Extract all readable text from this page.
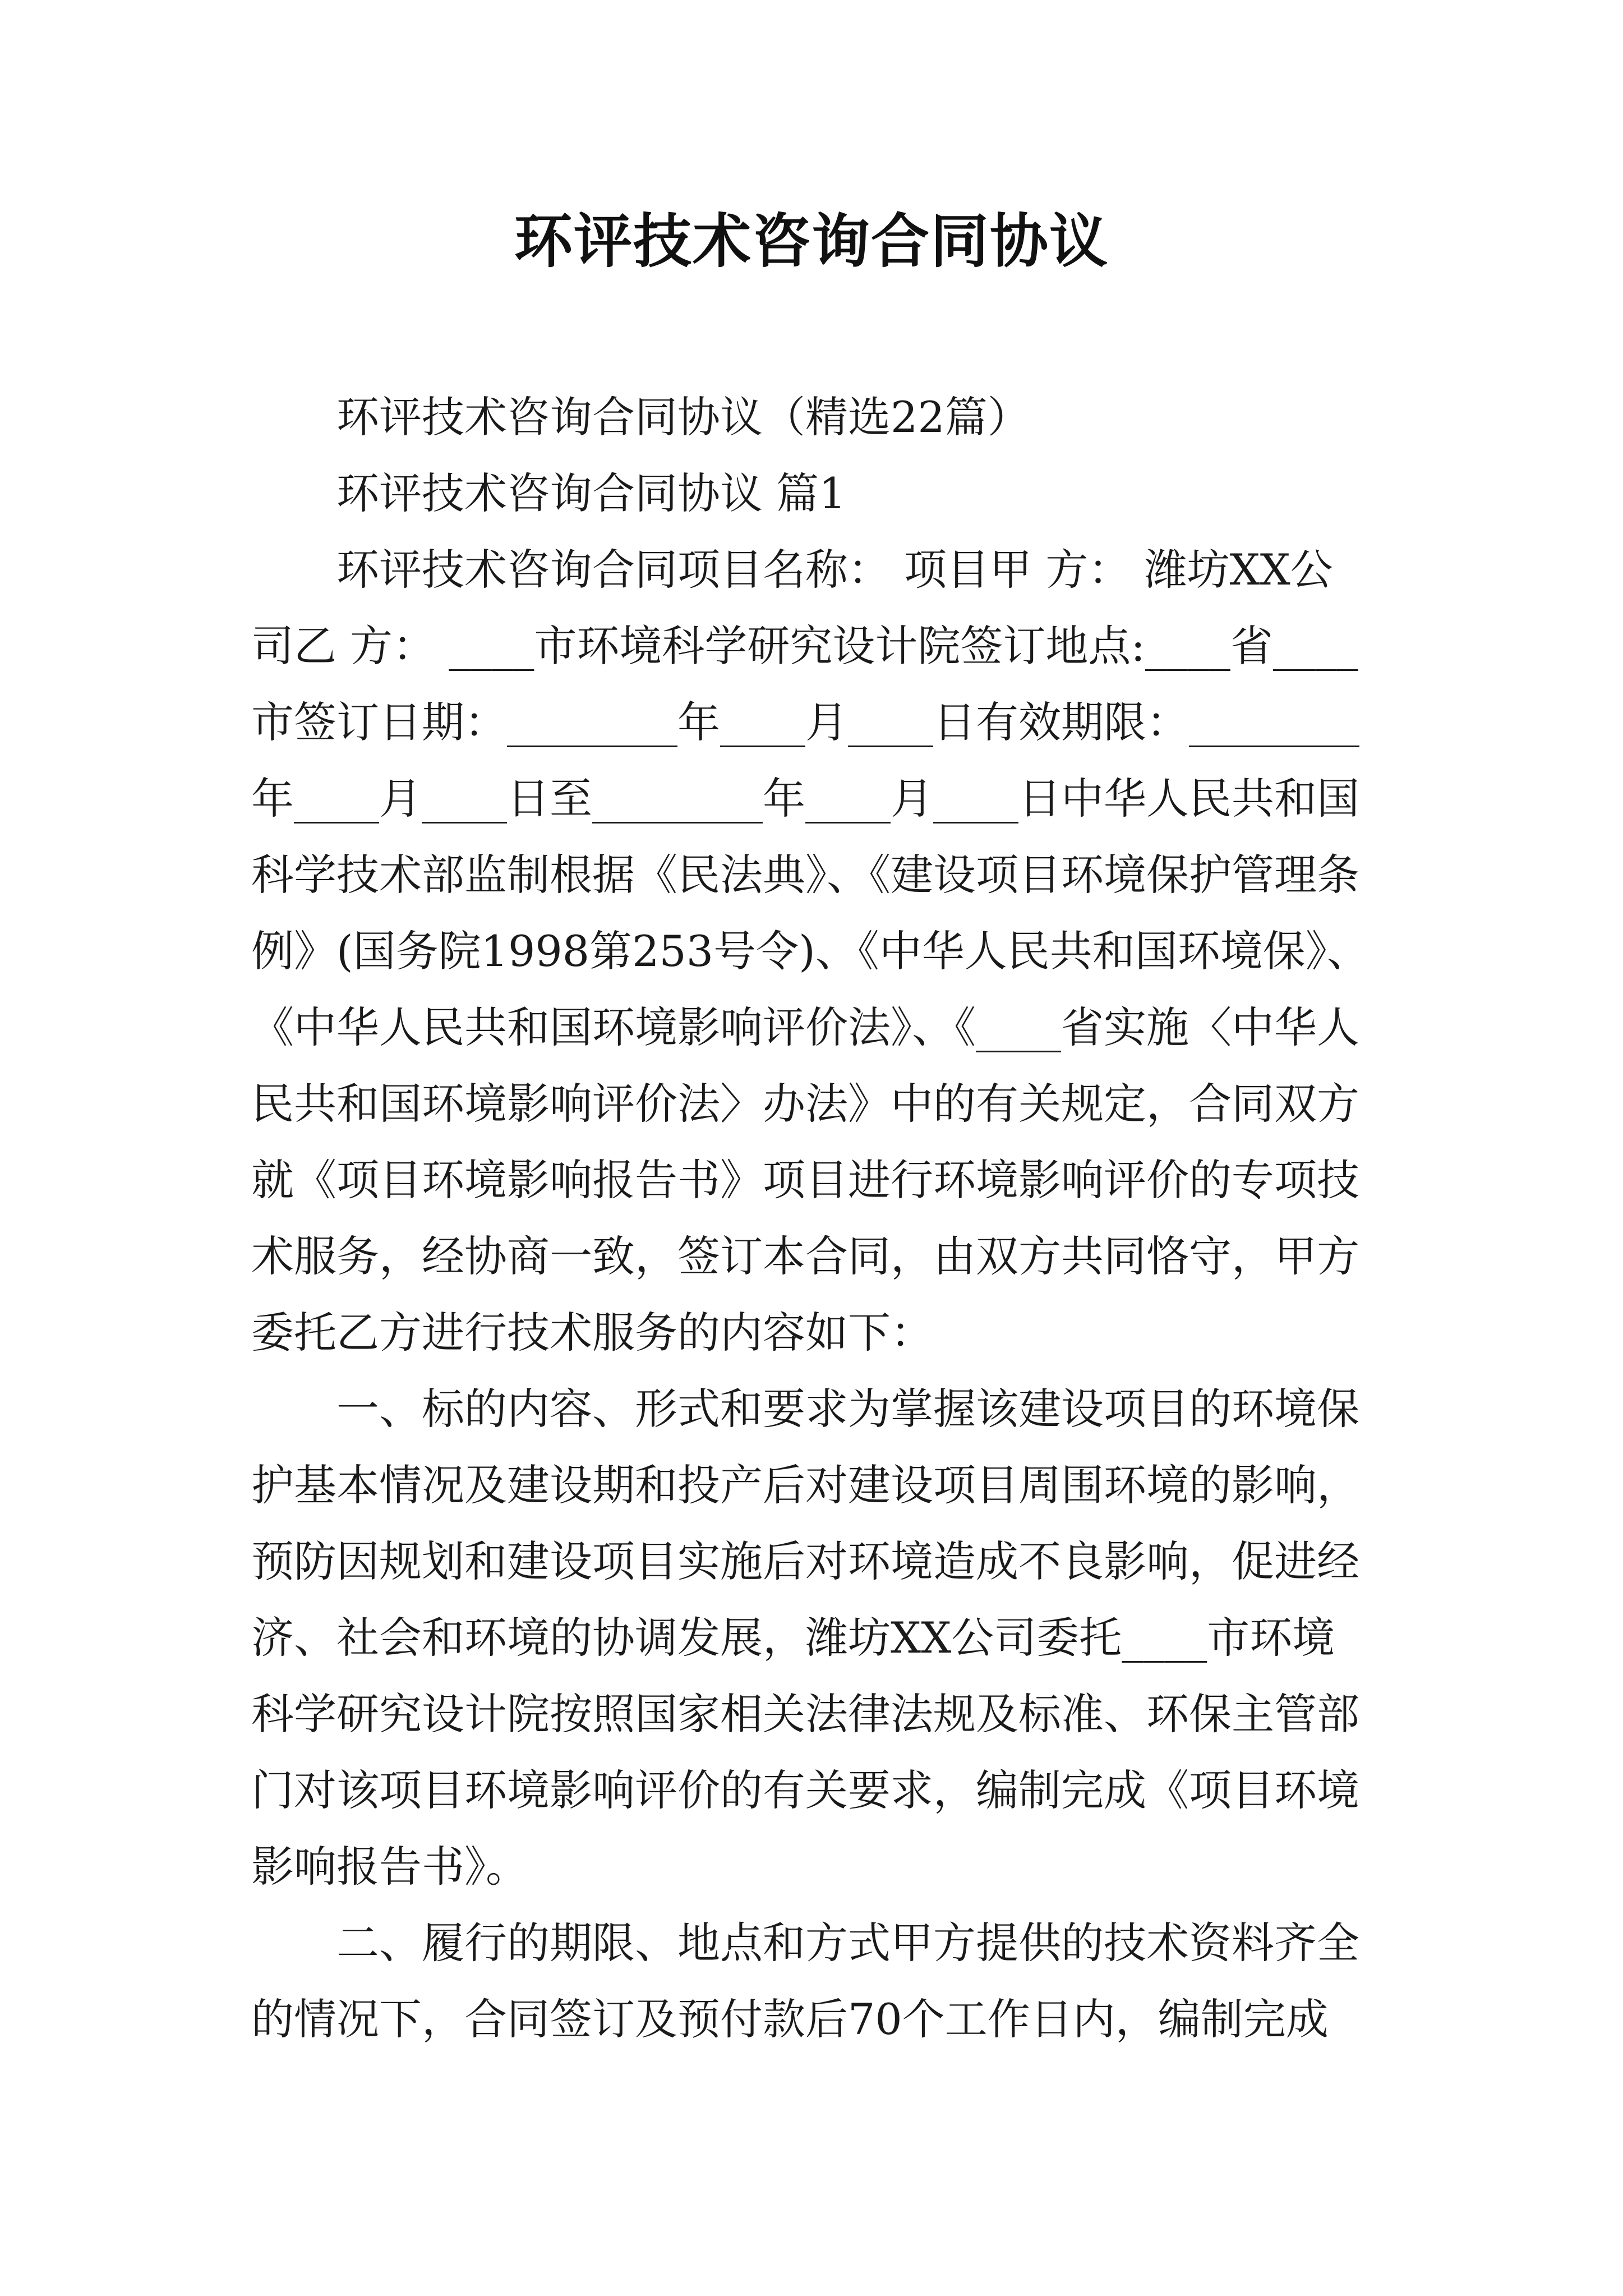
环评技术咨询合同协议
　　环评技术咨询合同协议（精选22篇）
　　环评技术咨询合同协议 篇1
　　环评技术咨询合同项目名称： 项目甲 方： 潍坊XX公
司乙 方： ____市环境科学研究设计院签订地点:____省____
市签订日期：________年____月____日有效期限：________
年____月____日至________年____月____日中华人民共和国
科学技术部监制根据《民法典》、《建设项目环境保护管理条
例》(国务院1998第253号令)、《中华人民共和国环境保》、
《中华人民共和国环境影响评价法》、《____省实施〈中华人
民共和国环境影响评价法〉办法》中的有关规定，合同双方
就《项目环境影响报告书》项目进行环境影响评价的专项技
术服务，经协商一致，签订本合同，由双方共同恪守，甲方
委托乙方进行技术服务的内容如下：
　　一、标的内容、形式和要求为掌握该建设项目的环境保
护基本情况及建设期和投产后对建设项目周围环境的影响，
预防因规划和建设项目实施后对环境造成不良影响，促进经
济、社会和环境的协调发展，潍坊XX公司委托____市环境
科学研究设计院按照国家相关法律法规及标准、环保主管部
门对该项目环境影响评价的有关要求，编制完成《项目环境
影响报告书》。
　　二、履行的期限、地点和方式甲方提供的技术资料齐全
的情况下，合同签订及预付款后70个工作日内，编制完成
